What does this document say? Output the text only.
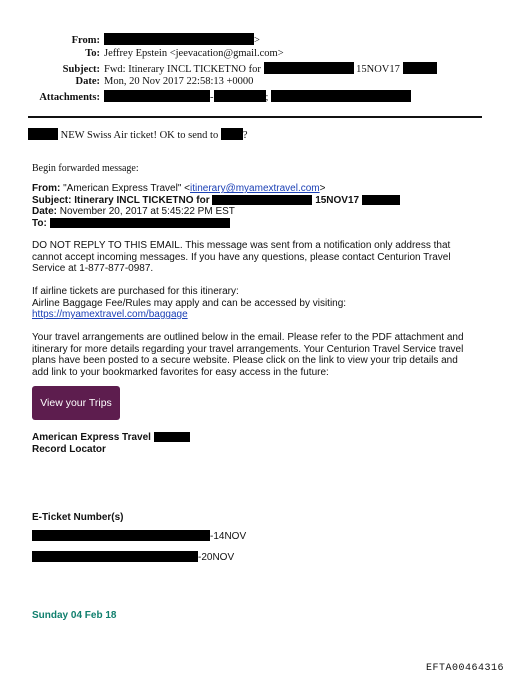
From:	>
To: Jeffrey Epstein <jeevacation@gmail.com>
Subject: Fwd: Itinerary INCL TICKETNO for	15NOV17
Date: Mon, 20 Nov 2017 22:58:13 +0000
Attachments:	-	;
NEW Swiss Air ticket! OK to send to ?
Begin forwarded message:
From: "American Express Travel" <itinerary@myamextravel.com>
Subject: Itinerary INCL TICKETNO for	15NOV17
Date: November 20, 2017 at 5:45:22 PM EST
To:
DO NOT REPLY TO THIS EMAIL. This message was sent from a notification only address that cannot accept incoming messages. If you have any questions, please contact Centurion Travel Service at 1-877-877-0987.
If airline tickets are purchased for this itinerary:
Airline Baggage Fee/Rules may apply and can be accessed by visiting:
https://myamextravel.com/baggage
Your travel arrangements are outlined below in the email. Please refer to the PDF attachment and itinerary for more details regarding your travel arrangements. Your Centurion Travel Service travel plans have been posted to a secure website. Please click on the link to view your trip details and add link to your bookmarked favorites for easy access in the future:
View your Trips
American Express Travel
Record Locator
E-Ticket Number(s)
-14NOV
-20NOV
Sunday 04 Feb 18
EFTA00464316
